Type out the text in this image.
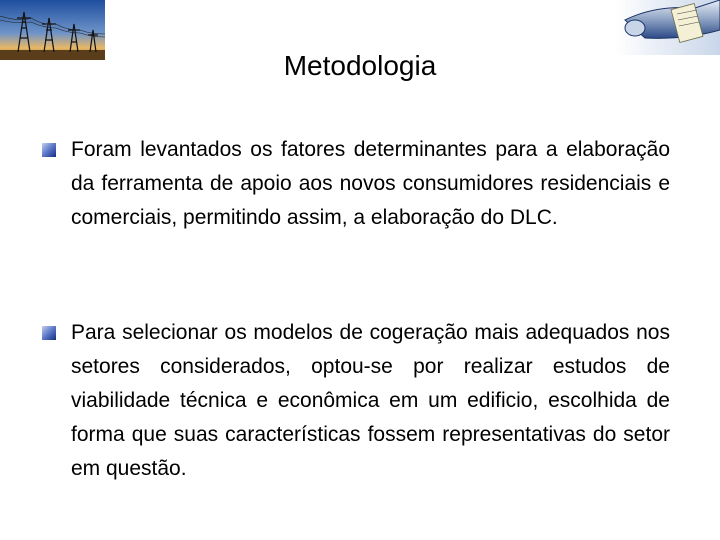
Metodologia
Foram levantados os fatores determinantes para a elaboração da ferramenta de apoio aos novos consumidores residenciais e comerciais, permitindo assim, a elaboração do DLC.
Para selecionar os modelos de cogeração mais adequados nos setores considerados, optou-se por realizar estudos de viabilidade técnica e econômica em um edificio, escolhida de forma que suas características fossem representativas do setor em questão.
